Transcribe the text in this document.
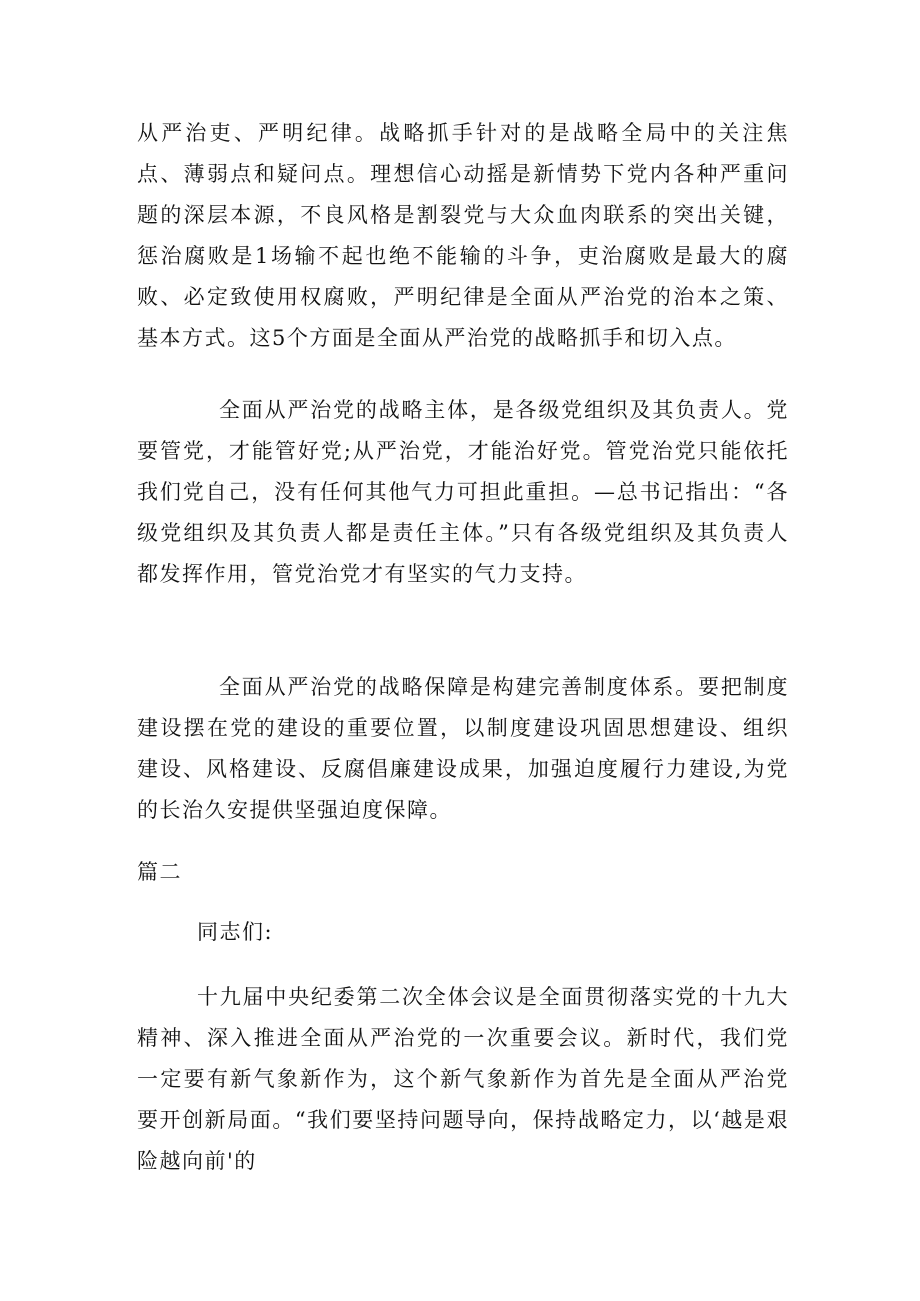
从严治吏、严明纪律。战略抓手针对的是战略全局中的关注焦点、薄弱点和疑问点。理想信心动摇是新情势下党内各种严重问题的深层本源，不良风格是割裂党与大众血肉联系的突出关键，惩治腐败是1场输不起也绝不能输的斗争，吏治腐败是最大的腐败、必定致使用权腐败，严明纪律是全面从严治党的治本之策、基本方式。这5个方面是全面从严治党的战略抓手和切入点。
全面从严治党的战略主体，是各级党组织及其负责人。党要管党，才能管好党;从严治党，才能治好党。管党治党只能依托我们党自己，没有任何其他气力可担此重担。—总书记指出：“各级党组织及其负责人都是责任主体。”只有各级党组织及其负责人都发挥作用，管党治党才有坚实的气力支持。
全面从严治党的战略保障是构建完善制度体系。要把制度建设摆在党的建设的重要位置，以制度建设巩固思想建设、组织建设、风格建设、反腐倡廉建设成果，加强迫度履行力建设,为党的长治久安提供坚强迫度保障。
篇二
同志们:
十九届中央纪委第二次全体会议是全面贯彻落实党的十九大精神、深入推进全面从严治党的一次重要会议。新时代，我们党一定要有新气象新作为，这个新气象新作为首先是全面从严治党要开创新局面。“我们要坚持问题导向，保持战略定力，以‘越是艰险越向前'的
